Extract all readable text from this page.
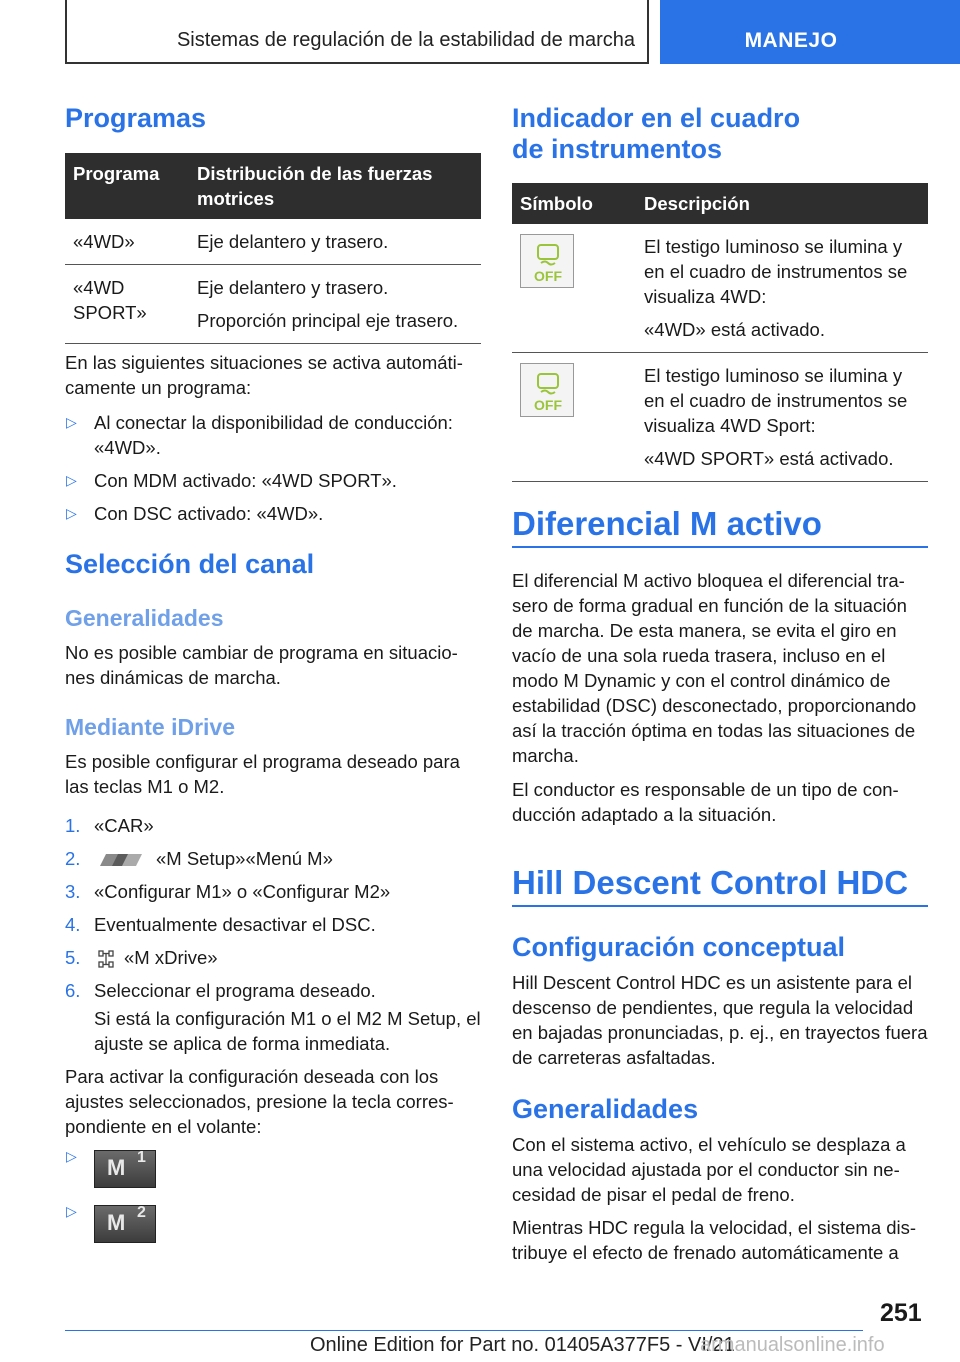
Sistemas de regulación de la estabilidad de marcha	MANEJO
Programas
Programa	Distribución de las fuerzas motrices
«4WD»	Eje delantero y trasero.

«4WD SPORT»	Eje delantero y trasero.
Proporción principal eje trasero.
En las siguientes situaciones se activa automáti-camente un programa:
▷ Al conectar la disponibilidad de conducción: «4WD».
▷ Con MDM activado: «4WD SPORT».
▷ Con DSC activado: «4WD».
Selección del canal
Generalidades
No es posible cambiar de programa en situacio-nes dinámicas de marcha.
Mediante iDrive
Es posible configurar el programa deseado para las teclas M1 o M2.
1. «CAR»
2.	«M Setup»«Menú M»
3. «Configurar M1» o «Configurar M2»
4. Eventualmente desactivar el DSC.
5. «M xDrive»
6. Seleccionar el programa deseado.
Si está la configuración M1 o el M2 M Setup, el ajuste se aplica de forma inmediata.
Para activar la configuración deseada con los ajustes seleccionados, presione la tecla corres-pondiente en el volante:
▷ M 1
▷ M 2
Indicador en el cuadro
de instrumentos
Símbolo	Descripción

OFF	El testigo luminoso se ilumina y en el cuadro de instrumentos se visualiza 4WD:
«4WD» está activado.

OFF	El testigo luminoso se ilumina y en el cuadro de instrumentos se visualiza 4WD Sport:
«4WD SPORT» está activado.
Diferencial M activo
El diferencial M activo bloquea el diferencial tra-sero de forma gradual en función de la situación de marcha. De esta manera, se evita el giro en vacío de una sola rueda trasera, incluso en el modo M Dynamic y con el control dinámico de estabilidad (DSC) desconectado, proporcionando así la tracción óptima en todas las situaciones de marcha.
El conductor es responsable de un tipo de con-ducción adaptado a la situación.
Hill Descent Control HDC
Configuración conceptual
Hill Descent Control HDC es un asistente para el descenso de pendientes, que regula la velocidad en bajadas pronunciadas, p. ej., en trayectos fuera de carreteras asfaltadas.
Generalidades
Con el sistema activo, el vehículo se desplaza a una velocidad ajustada por el conductor sin ne-cesidad de pisar el pedal de freno.
Mientras HDC regula la velocidad, el sistema dis-tribuye el efecto de frenado automáticamente a
251
Online Edition for Part no. 01405A377F5 - VI/21
armanualsonline.info
